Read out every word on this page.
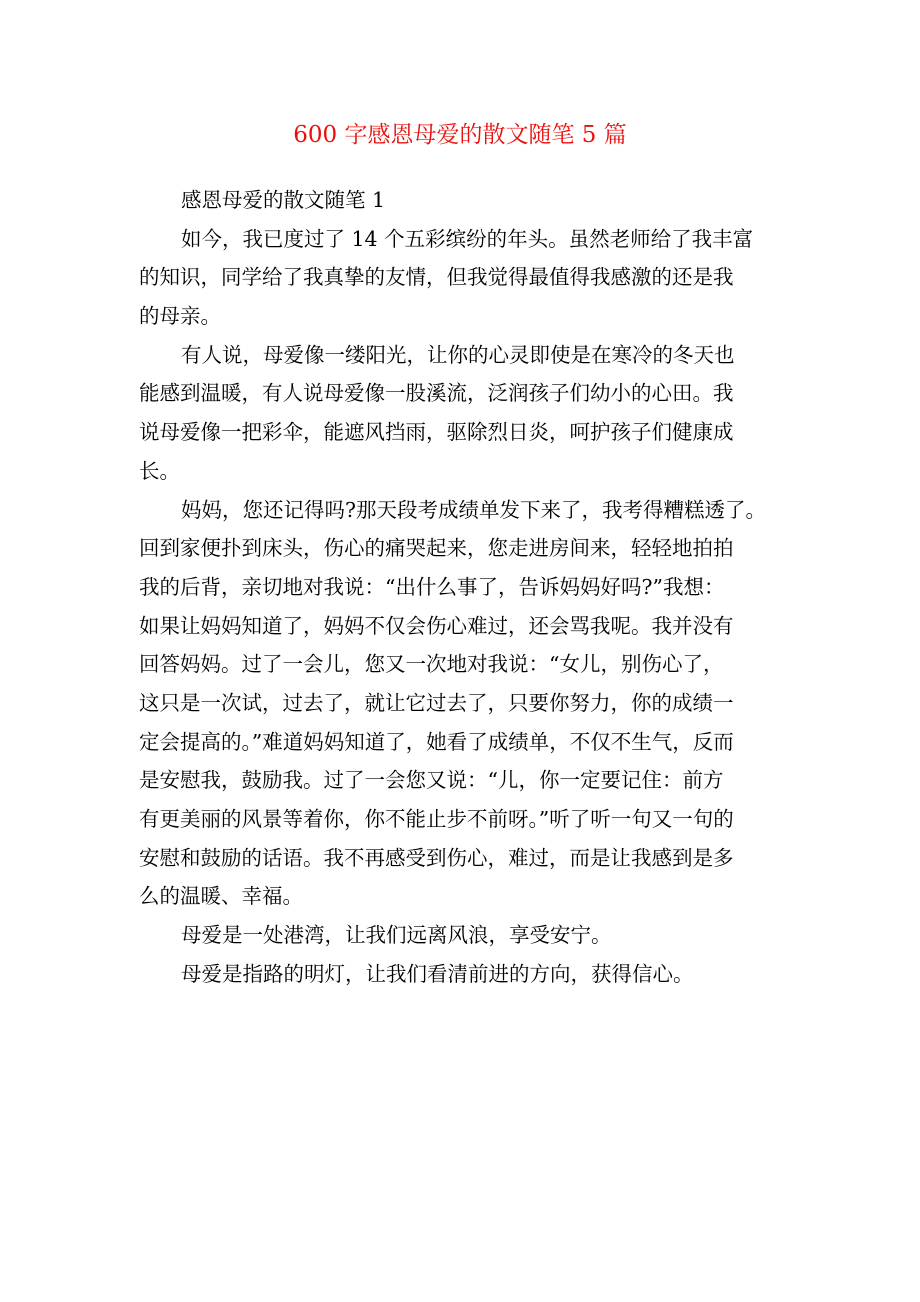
600 字感恩母爱的散文随笔 5 篇
感恩母爱的散文随笔 1
如今，我已度过了 14 个五彩缤纷的年头。虽然老师给了我丰富
的知识，同学给了我真挚的友情，但我觉得最值得我感激的还是我
的母亲。
有人说，母爱像一缕阳光，让你的心灵即使是在寒冷的冬天也
能感到温暖，有人说母爱像一股溪流，泛润孩子们幼小的心田。我
说母爱像一把彩伞，能遮风挡雨，驱除烈日炎，呵护孩子们健康成
长。
妈妈，您还记得吗?那天段考成绩单发下来了，我考得糟糕透了。
回到家便扑到床头，伤心的痛哭起来，您走进房间来，轻轻地拍拍
我的后背，亲切地对我说：“出什么事了，告诉妈妈好吗?”我想：
如果让妈妈知道了，妈妈不仅会伤心难过，还会骂我呢。我并没有
回答妈妈。过了一会儿，您又一次地对我说：“女儿，别伤心了，
这只是一次试，过去了，就让它过去了，只要你努力，你的成绩一
定会提高的。”难道妈妈知道了，她看了成绩单，不仅不生气，反而
是安慰我，鼓励我。过了一会您又说：“儿，你一定要记住：前方
有更美丽的风景等着你，你不能止步不前呀。”听了听一句又一句的
安慰和鼓励的话语。我不再感受到伤心，难过，而是让我感到是多
么的温暖、幸福。
母爱是一处港湾，让我们远离风浪，享受安宁。
母爱是指路的明灯，让我们看清前进的方向，获得信心。
